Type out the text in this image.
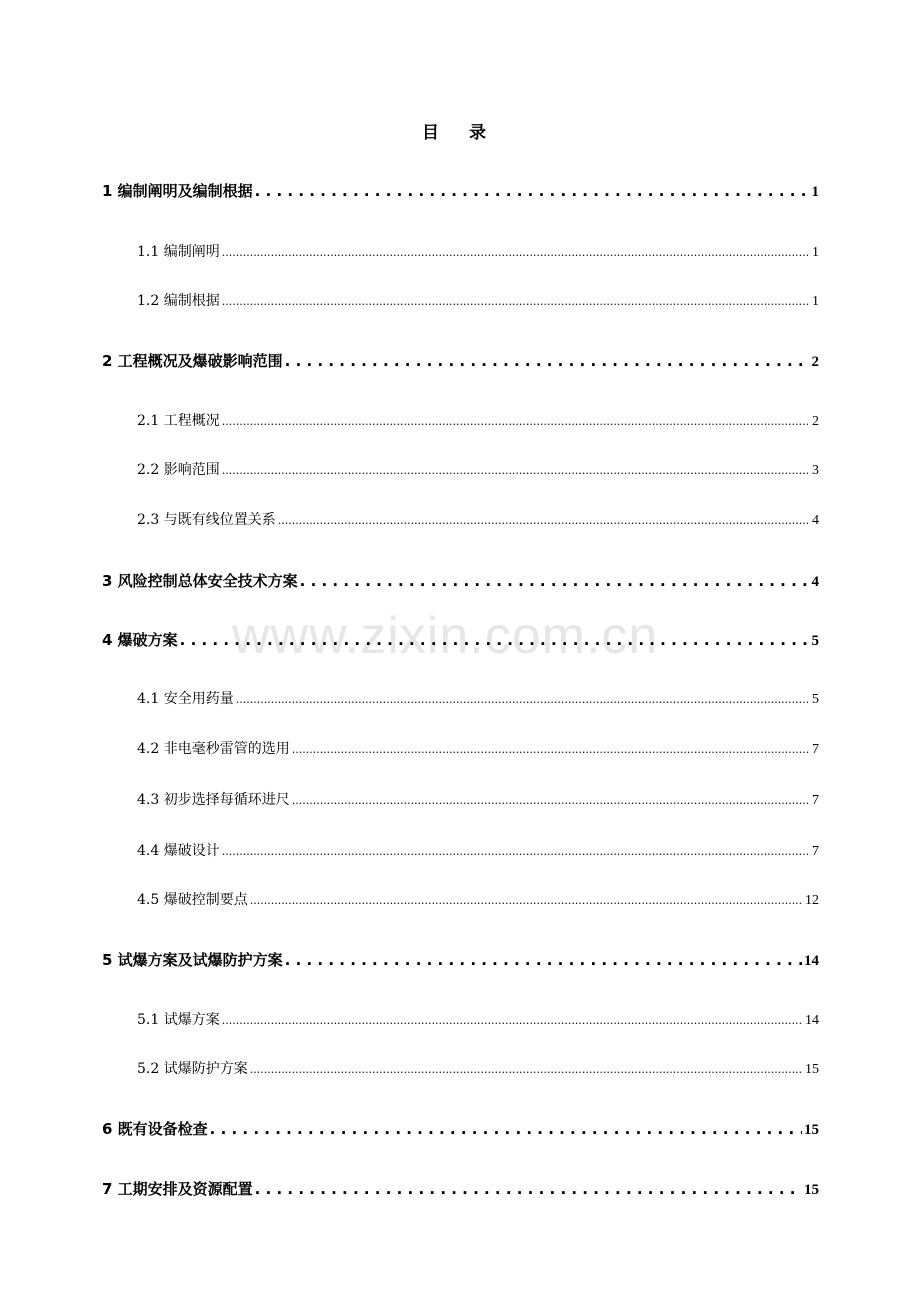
目 录
www.zixin.com.cn
1 编制阐明及编制根据 . . .	1
1.1 编制阐明 .....	1
1.2 编制根据 .....	1
2 工程概况及爆破影响范围 . . .	2
2.1 工程概况 .....	2
2.2 影响范围 .....	3
2.3 与既有线位置关系 .....	4
3 风险控制总体安全技术方案 . . .	4
4 爆破方案 . . .	5
4.1 安全用药量 .....	5
4.2 非电毫秒雷管的选用 .....	7
4.3 初步选择每循环进尺 .....	7
4.4 爆破设计 .....	7
4.5 爆破控制要点 .....	12
5 试爆方案及试爆防护方案 . . .	14
5.1 试爆方案 .....	14
5.2 试爆防护方案 .....	15
6 既有设备检查 . . .	15
7 工期安排及资源配置 . . .	15
